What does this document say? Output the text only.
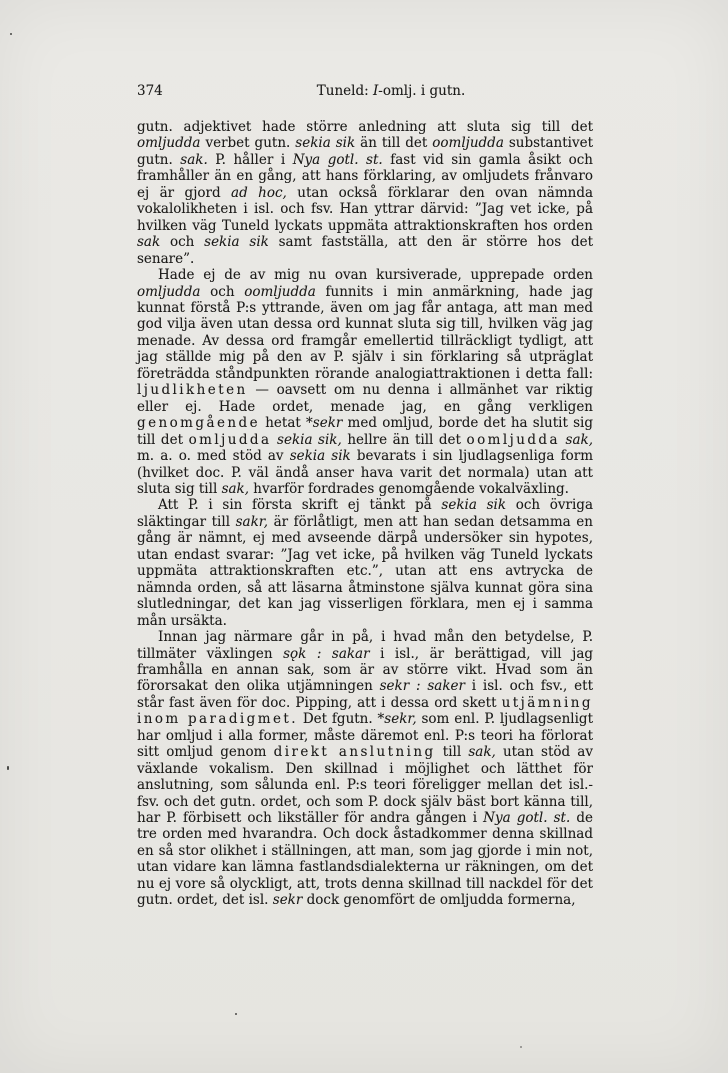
374	Tuneld: I-omlj. i gutn.

gutn. adjektivet hade större anledning att sluta sig till det omljudda verbet gutn. sekia sik än till det oomljudda substantivet gutn. sak. P. håller i Nya gotl. st. fast vid sin gamla åsikt och framhåller än en gång, att hans förklaring, av omljudets frånvaro ej är gjord ad hoc, utan också förklarar den ovan nämnda vokalolikheten i isl. och fsv. Han yttrar därvid: ”Jag vet icke, på hvilken väg Tuneld lyckats uppmäta attraktionskraften hos orden sak och sekia sik samt fastställa, att den är större hos det senare”.

Hade ej de av mig nu ovan kursiverade, upprepade orden omljudda och oomljudda funnits i min anmärkning, hade jag kunnat förstå P:s yttrande, även om jag får antaga, att man med god vilja även utan dessa ord kunnat sluta sig till, hvilken väg jag menade. Av dessa ord framgår emellertid tillräckligt tydligt, att jag ställde mig på den av P. själv i sin förklaring så utpräglat företrädda ståndpunkten rörande analogiattraktionen i detta fall: ljudlikheten — oavsett om nu denna i allmänhet var riktig eller ej. Hade ordet, menade jag, en gång verkligen genomgående hetat *sekr med omljud, borde det ha slutit sig till det omljudda sekia sik, hellre än till det oomljudda sak, m. a. o. med stöd av sekia sik bevarats i sin ljudlagsenliga form (hvilket doc. P. väl ändå anser hava varit det normala) utan att sluta sig till sak, hvarför fordrades genomgående vokalväxling.

Att P. i sin första skrift ej tänkt på sekia sik och övriga släktingar till sakr, är förlåtligt, men att han sedan detsamma en gång är nämnt, ej med avseende därpå undersöker sin hypotes, utan endast svarar: ”Jag vet icke, på hvilken väg Tuneld lyckats uppmäta attraktionskraften etc.”, utan att ens avtrycka de nämnda orden, så att läsarna åtminstone själva kunnat göra sina slutledningar, det kan jag visserligen förklara, men ej i samma mån ursäkta.

Innan jag närmare går in på, i hvad mån den betydelse, P. tillmäter växlingen sǫk : sakar i isl., är berättigad, vill jag framhålla en annan sak, som är av större vikt. Hvad som än förorsakat den olika utjämningen sekr : saker i isl. och fsv., ett står fast även för doc. Pipping, att i dessa ord skett utjämning inom paradigmet. Det fgutn. *sekr, som enl. P. ljudlagsenligt har omljud i alla former, måste däremot enl. P:s teori ha förlorat sitt omljud genom direkt anslutning till sak, utan stöd av växlande vokalism. Den skillnad i möjlighet och lätthet för anslutning, som sålunda enl. P:s teori föreligger mellan det isl.-fsv. och det gutn. ordet, och som P. dock själv bäst bort känna till, har P. förbisett och likställer för andra gången i Nya gotl. st. de tre orden med hvarandra. Och dock åstadkommer denna skillnad en så stor olikhet i ställningen, att man, som jag gjorde i min not, utan vidare kan lämna fastlandsdialekterna ur räkningen, om det nu ej vore så olyckligt, att, trots denna skillnad till nackdel för det gutn. ordet, det isl. sekr dock genomfört de omljudda formerna,
